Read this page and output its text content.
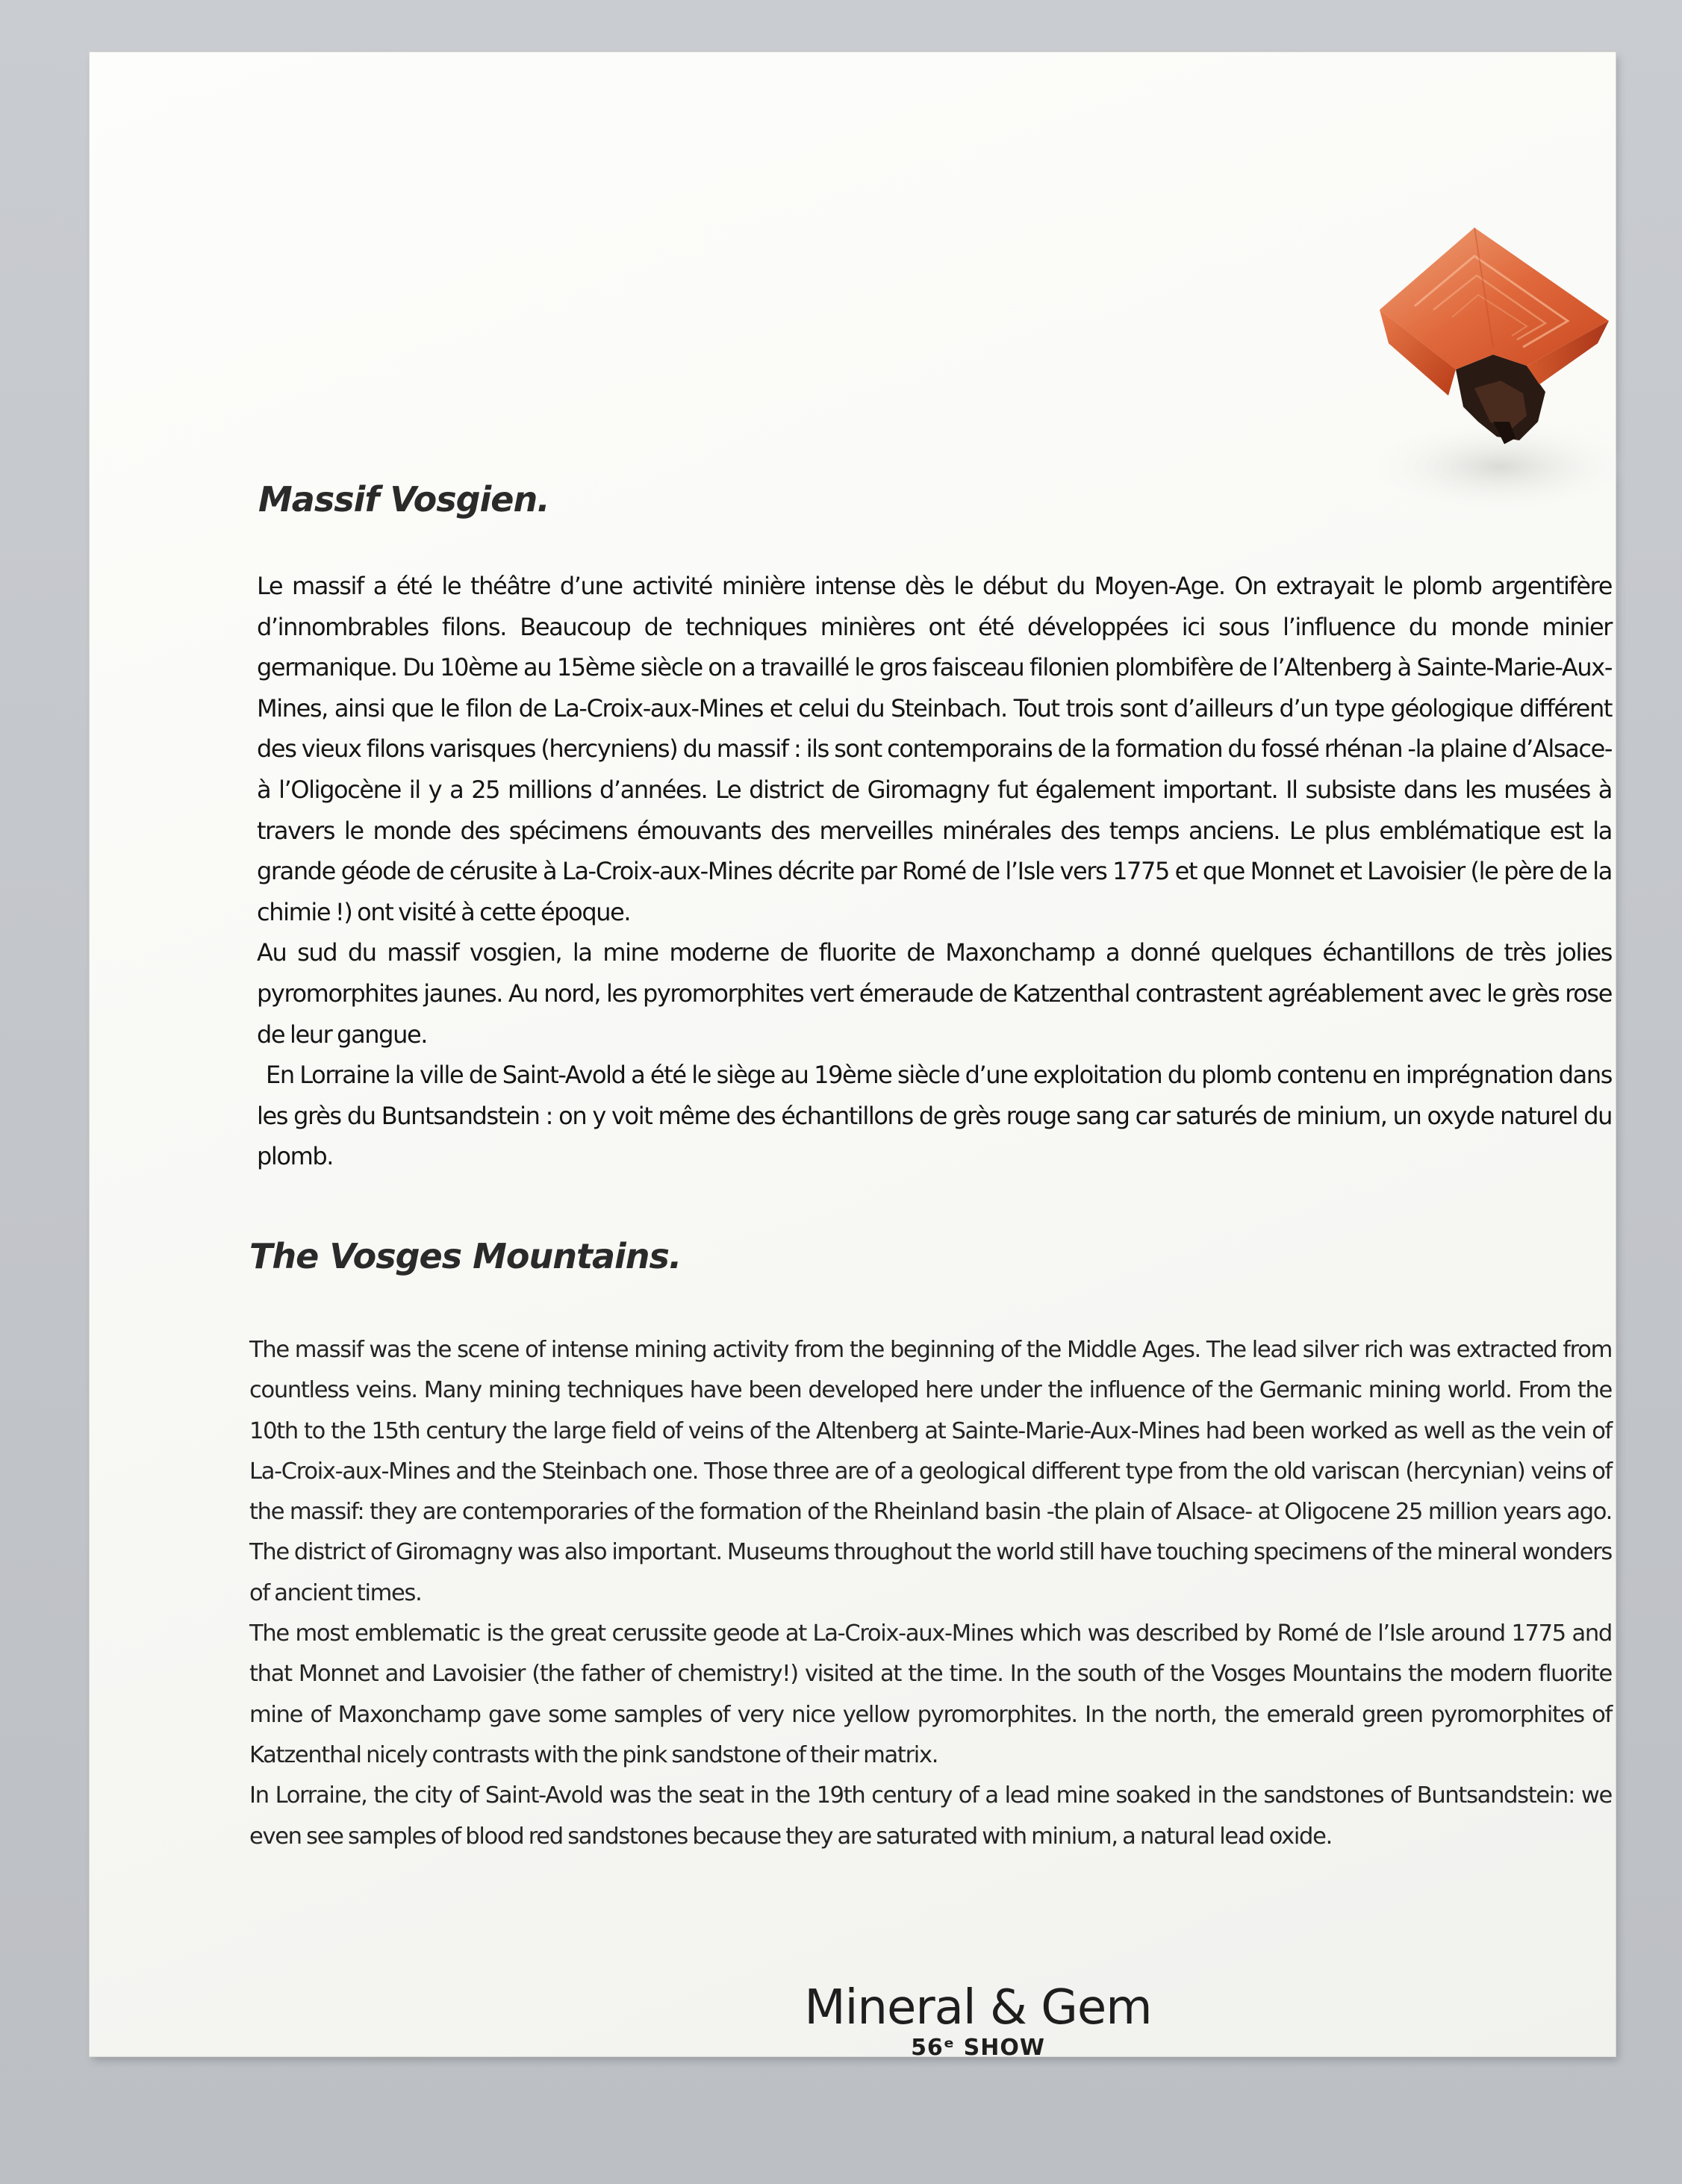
Massif Vosgien.

Le massif a été le théâtre d’une activité minière intense dès le début du Moyen-Age. On extrayait le plomb argentifère d’innombrables filons. Beaucoup de techniques minières ont été développées ici sous l’influence du monde minier germanique. Du 10ème au 15ème siècle on a travaillé le gros faisceau filonien plombifère de l’Altenberg à Sainte-Marie-Aux-Mines, ainsi que le filon de La-Croix-aux-Mines et celui du Steinbach. Tout trois sont d’ailleurs d’un type géologique différent des vieux filons varisques (hercyniens) du massif : ils sont contemporains de la formation du fossé rhénan -la plaine d’Alsace- à l’Oligocène il y a 25 millions d’années. Le district de Giromagny fut également important. Il subsiste dans les musées à travers le monde des spécimens émouvants des merveilles minérales des temps anciens. Le plus emblématique est la grande géode de cérusite à La-Croix-aux-Mines décrite par Romé de l’Isle vers 1775 et que Monnet et Lavoisier (le père de la chimie !) ont visité à cette époque.

Au sud du massif vosgien, la mine moderne de fluorite de Maxonchamp a donné quelques échantillons de très jolies pyromorphites jaunes. Au nord, les pyromorphites vert émeraude de Katzenthal contrastent agréablement avec le grès rose de leur gangue.

En Lorraine la ville de Saint-Avold a été le siège au 19ème siècle d’une exploitation du plomb contenu en imprégnation dans les grès du Buntsandstein : on y voit même des échantillons de grès rouge sang car saturés de minium, un oxyde naturel du plomb.

The Vosges Mountains.

The massif was the scene of intense mining activity from the beginning of the Middle Ages. The lead silver rich was extracted from countless veins. Many mining techniques have been developed here under the influence of the Germanic mining world. From the 10th to the 15th century the large field of veins of the Altenberg at Sainte-Marie-Aux-Mines had been worked as well as the vein of La-Croix-aux-Mines and the Steinbach one. Those three are of a geological different type from the old variscan (hercynian) veins of the massif: they are contemporaries of the formation of the Rheinland basin -the plain of Alsace- at Oligocene 25 million years ago. The district of Giromagny was also important. Museums throughout the world still have touching specimens of the mineral wonders of ancient times.

The most emblematic is the great cerussite geode at La-Croix-aux-Mines which was described by Romé de l’Isle around 1775 and that Monnet and Lavoisier (the father of chemistry!) visited at the time. In the south of the Vosges Mountains the modern fluorite mine of Maxonchamp gave some samples of very nice yellow pyromorphites. In the north, the emerald green pyromorphites of Katzenthal nicely contrasts with the pink sandstone of their matrix.

In Lorraine, the city of Saint-Avold was the seat in the 19th century of a lead mine soaked in the sandstones of Buntsandstein: we even see samples of blood red sandstones because they are saturated with minium, a natural lead oxide.

Mineral & Gem
56ᵉ SHOW
